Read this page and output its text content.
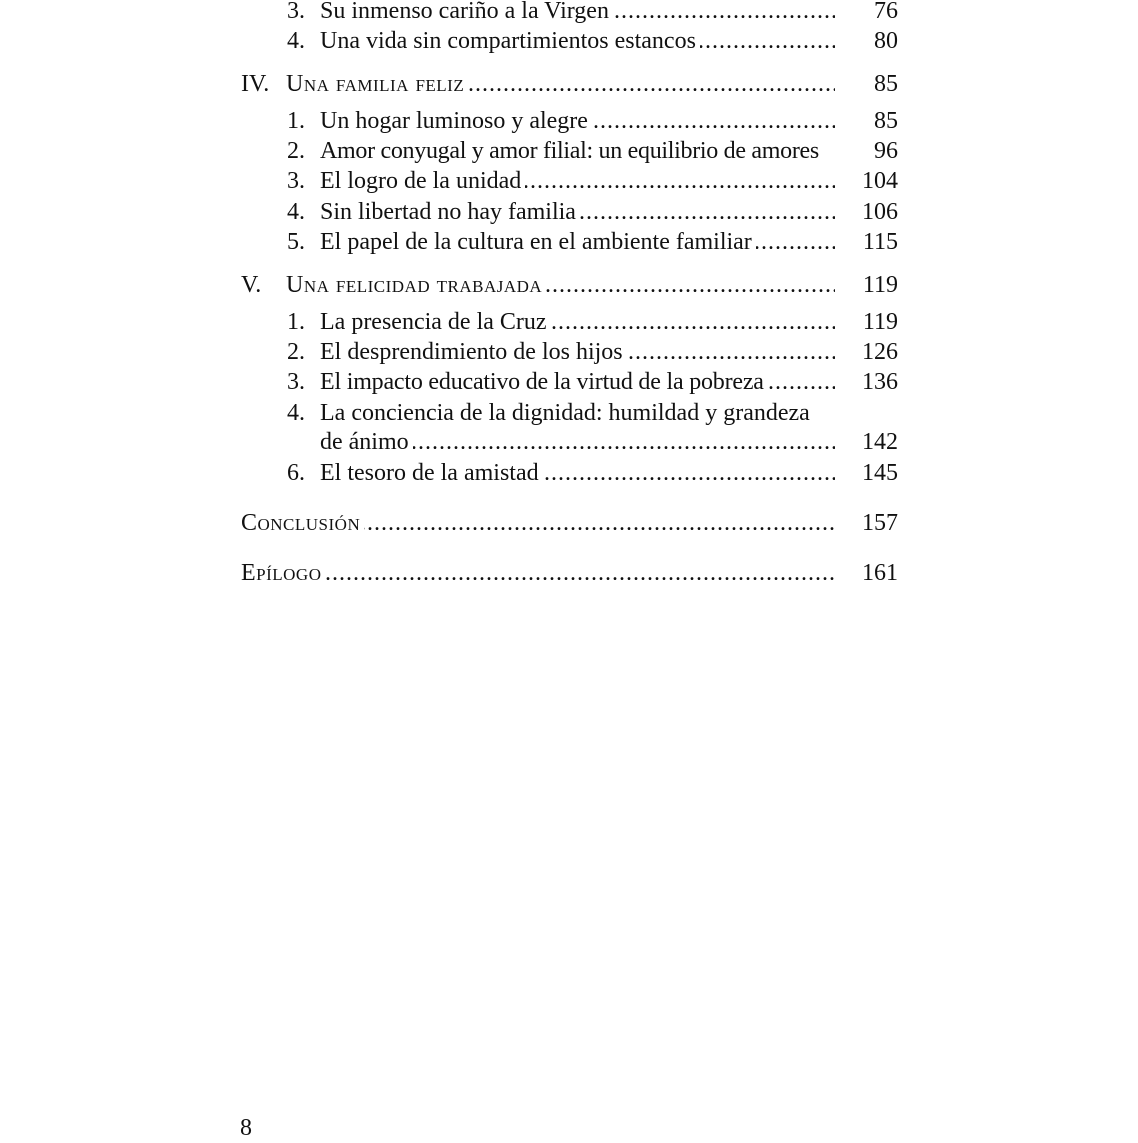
3. ..... Su inmenso cariño a la Virgen	76
4. ..... Una vida sin compartimientos estancos	80
IV. ..... Una familia feliz	85
1. ..... Un hogar luminoso y alegre	85
2. Amor conyugal y amor filial: un equilibrio de amores	96
3. ..... El logro de la unidad	104
4. ..... Sin libertad no hay familia	106
5. ..... El papel de la cultura en el ambiente familiar	115
V. ..... Una felicidad trabajada	119
1. ..... La presencia de la Cruz	119
2. ..... El desprendimiento de los hijos	126
3. ..... El impacto educativo de la virtud de la pobreza	136
4. La conciencia de la dignidad: humildad y grandeza
.....
de ánimo	142
6. ..... El tesoro de la amistad	145
.....
Conclusión	157
.....
Epílogo	161
8
